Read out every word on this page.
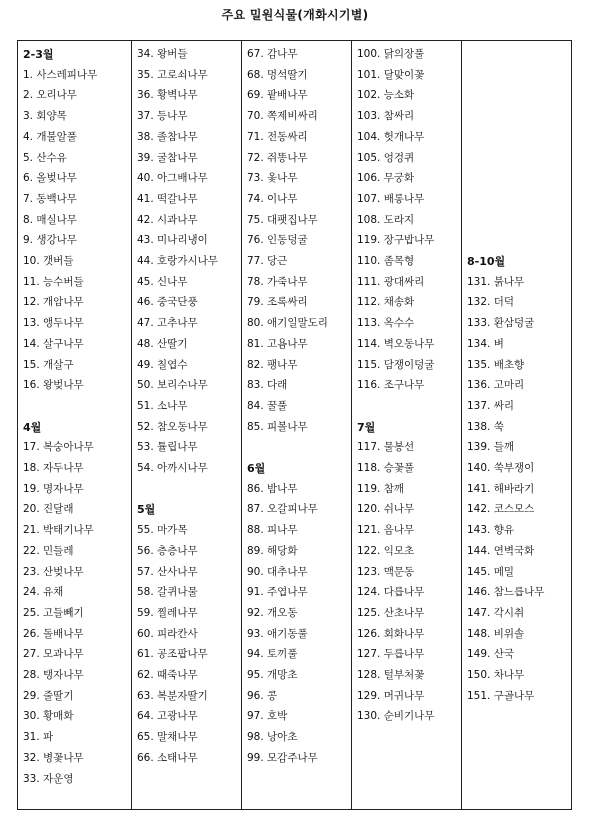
주요 밀원식물(개화시기별)
2-3월
1. 사스레피나무
2. 오리나무
3. 회양목
4. 개불알풀
5. 산수유
6. 올벚나무
7. 동백나무
8. 매실나무
9. 생강나무
10. 갯버들
11. 능수버들
12. 개암나무
13. 앵두나무
14. 살구나무
15. 개살구
16. 왕벚나무
4월
17. 복숭아나무
18. 자두나무
19. 명자나무
20. 진달래
21. 박태기나무
22. 민들레
23. 산벚나무
24. 유채
25. 고들빼기
26. 돌배나무
27. 모과나무
28. 탱자나무
29. 줄딸기
30. 황매화
31. 파
32. 병꽃나무
33. 자운영
34. 왕버들
35. 고로쇠나무
36. 황벽나무
37. 등나무
38. 졸참나무
39. 굴참나무
40. 아그배나무
41. 떡갈나무
42. 시과나무
43. 미나리냉이
44. 호랑가시나무
45. 신나무
46. 중국단풍
47. 고추나무
48. 산딸기
49. 칠엽수
50. 보리수나무
51. 소나무
52. 참오동나무
53. 튤립나무
54. 아까시나무
5월
55. 마가목
56. 층층나무
57. 산사나무
58. 갈퀴나물
59. 찔레나무
60. 피라칸사
61. 공조팝나무
62. 때죽나무
63. 복분자딸기
64. 고광나무
65. 말채나무
66. 소태나무
67. 감나무
68. 멍석딸기
69. 팥배나무
70. 쪽제비싸리
71. 전동싸리
72. 쥐똥나무
73. 옻나무
74. 이나무
75. 대팻집나무
76. 인동덩굴
77. 당근
78. 가죽나무
79. 조록싸리
80. 애기일말도리
81. 고욤나무
82. 팽나무
83. 다래
84. 꿀풀
85. 피볼나무
6월
86. 밤나무
87. 오갈피나무
88. 피나무
89. 해당화
90. 대추나무
91. 주엽나무
92. 개오동
93. 애기동풀
94. 토끼풀
95. 개망초
96. 콩
97. 호박
98. 낭아초
99. 모감주나무
100. 닭의장풀
101. 달맞이꽃
102. 능소화
103. 참싸리
104. 헛개나무
105. 엉겅퀴
106. 무궁화
107. 배롱나무
108. 도라지
119. 장구밥나무
110. 좀목형
111. 광대싸리
112. 채송화
113. 옥수수
114. 벽오동나무
115. 담쟁이덩굴
116. 조구나무
7월
117. 물봉선
118. 승꽃풀
119. 참깨
120. 쉬나무
121. 음나무
122. 익모초
123. 맥문동
124. 다릅나무
125. 산초나무
126. 회화나무
127. 두릅나무
128. 털부처꽃
129. 머귀나무
130. 순비기나무
8-10월
131. 붉나무
132. 더덕
133. 환삼덩굴
134. 벼
135. 배초향
136. 고마리
137. 싸리
138. 쑥
139. 들깨
140. 쑥부쟁이
141. 해바라기
142. 코스모스
143. 향유
144. 연벽국화
145. 메밀
146. 참느릅나무
147. 각시취
148. 비위솔
149. 산국
150. 차나무
151. 구골나무
